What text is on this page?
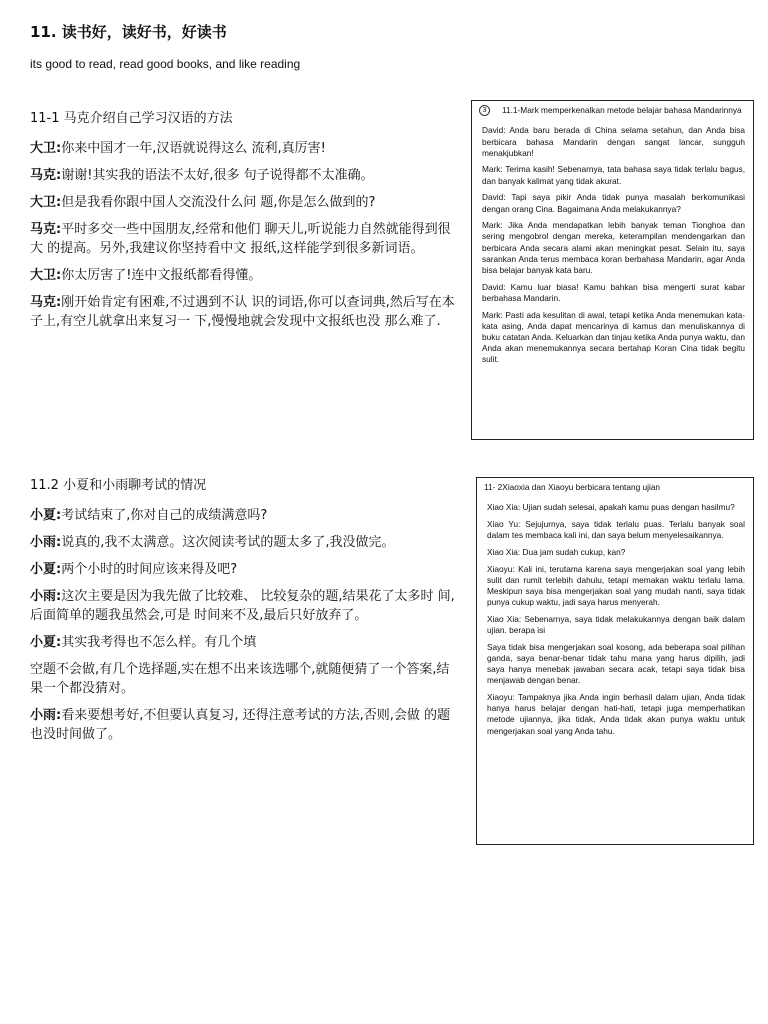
11. 读书好，读好书，好读书

its good to read, read good books, and like reading

11-1 马克介绍自己学习汉语的方法

大卫:你来中国才一年,汉语就说得这么 流利,真厉害!

马克:谢谢!其实我的语法不太好,很多 句子说得都不太准确。

大卫:但是我看你跟中国人交流没什么问 题,你是怎么做到的?

马克:平时多交一些中国朋友,经常和他们 聊天儿,听说能力自然就能得到很大 的提高。另外,我建议你坚持看中文 报纸,这样能学到很多新词语。

大卫:你太厉害了!连中文报纸都看得懂。

马克:刚开始肯定有困难,不过遇到不认 识的词语,你可以查词典,然后写在本子上,有空儿就拿出来复习一 下,慢慢地就会发现中文报纸也没 那么难了.

3 11.1-Mark memperkenalkan metode belajar bahasa Mandarinnya

David: Anda baru berada di China selama setahun, dan Anda bisa berbicara bahasa Mandarin dengan sangat lancar, sungguh menakjubkan!

Mark: Terima kasih! Sebenarnya, tata bahasa saya tidak terlalu bagus, dan banyak kalimat yang tidak akurat.

David: Tapi saya pikir Anda tidak punya masalah berkomunikasi dengan orang Cina. Bagaimana Anda melakukannya?

Mark: Jika Anda mendapatkan lebih banyak teman Tionghoa dan sering mengobrol dengan mereka, keterampilan mendengarkan dan berbicara Anda secara alami akan meningkat pesat. Selain itu, saya sarankan Anda terus membaca koran berbahasa Mandarin, agar Anda bisa belajar banyak kata baru.

David: Kamu luar biasa! Kamu bahkan bisa mengerti surat kabar berbahasa Mandarin.

Mark: Pasti ada kesulitan di awal, tetapi ketika Anda menemukan kata-kata asing, Anda dapat mencarinya di kamus dan menuliskannya di buku catatan Anda. Keluarkan dan tinjau ketika Anda punya waktu, dan Anda akan menemukannya secara bertahap Koran Cina tidak begitu sulit.

11.2 小夏和小雨聊考试的情况

小夏:考试结束了,你对自己的成绩满意吗?

小雨:说真的,我不太满意。这次阅读考试的题太多了,我没做完。

小夏:两个小时的时间应该来得及吧?

小雨:这次主要是因为我先做了比较难、 比较复杂的题,结果花了太多时 间,后面简单的题我虽然会,可是 时间来不及,最后只好放弃了。

小夏:其实我考得也不怎么样。有几个填

空题不会做,有几个选择题,实在想不出来该选哪个,就随便猜了一个答案,结果一个都没猜对。

小雨:看来要想考好,不但要认真复习, 还得注意考试的方法,否则,会做 的题也没时间做了。

11- 2Xiaoxia dan Xiaoyu berbicara tentang ujian

Xiao Xia: Ujian sudah selesai, apakah kamu puas dengan hasilmu?

Xiao Yu: Sejujurnya, saya tidak terlalu puas. Terlalu banyak soal dalam tes membaca kali ini, dan saya belum menyelesaikannya.

Xiao Xia: Dua jam sudah cukup, kan?

Xiaoyu: Kali ini, terutama karena saya mengerjakan soal yang lebih sulit dan rumit terlebih dahulu, tetapi memakan waktu terlalu lama. Meskipun saya bisa mengerjakan soal yang mudah nanti, saya tidak punya cukup waktu, jadi saya harus menyerah.

Xiao Xia: Sebenarnya, saya tidak melakukannya dengan baik dalam ujian. berapa isi

Saya tidak bisa mengerjakan soal kosong, ada beberapa soal pilihan ganda, saya benar-benar tidak tahu mana yang harus dipilih, jadi saya hanya menebak jawaban secara acak, tetapi saya tidak bisa menjawab dengan benar.

Xiaoyu: Tampaknya jika Anda ingin berhasil dalam ujian, Anda tidak hanya harus belajar dengan hati-hati, tetapi juga memperhatikan metode ujiannya, jika tidak, Anda tidak akan punya waktu untuk mengerjakan soal yang Anda tahu.
